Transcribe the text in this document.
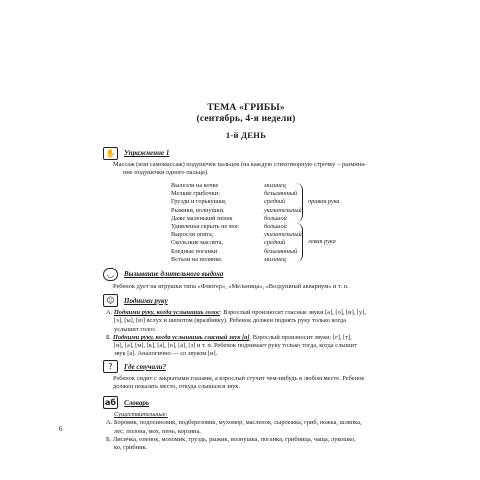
ТЕМА «ГРИБЫ»
(сентябрь, 4-я недели)
1-й ДЕНЬ
✋	Упражнение 1
Массаж (или самомассаж) подушечек пальцев (на каждую стихотворную строчку – размина-
ние подушечки одного пальца).
Вылезли на кочке	мизинец
Мелкие грибочки:	безымянный
Грузди и горькушки,	средний
Рыжики, волнушки.	указательный
Даже маленький пенек	большой
Удивленья скрыть не мог.	большой
Выросли опята,	указательный
Скользкие маслята,	средний
Бледные поганки	безымянный
Встали на полянке.	мизинец
правая рука
левая рука
◡	Вызывание длительного выдоха
Ребенок дует на игрушки типа «Флюгер», «Мельница», «Воздушный аквариум» и т. п.
☺	Подними руку
А. Подними руку, когда услышишь голос: Взрослый произносит гласные звуки [а], [о], [и], [у],
[э], [ы], [ю] вслух и шепотом (вразбивку). Ребенок должен поднять руку только когда
услышит голос.
Б. Подними руку, когда услышишь гласный звук [а]. Взрослый произносит звуки: [г], [т],
[н], [а], [м], [к], [а], [о], [а], [з] и т. п. Ребенок поднимает руку только тогда, когда слышит
звук [а]. Аналогично — со звуком [и].
?	Где стучали?
Ребенок сидит с закрытыми глазами, а взрослый стучит чем-нибудь в любом месте. Ребенок
должен показать место, откуда слышался звук.
аб Словарь
Существительные:
А. Боровик, подосиновик, подберезовик, мухомор, масленок, сыроежка, гриб, ножка, шляпка,
лес, полона, мох, пень, корзина.
Б. Лисичка, опенок, мохомик, груздь, рыжик, волнушка, поганка, грибница, чаща, лукошко,
ко, грибник.
6
